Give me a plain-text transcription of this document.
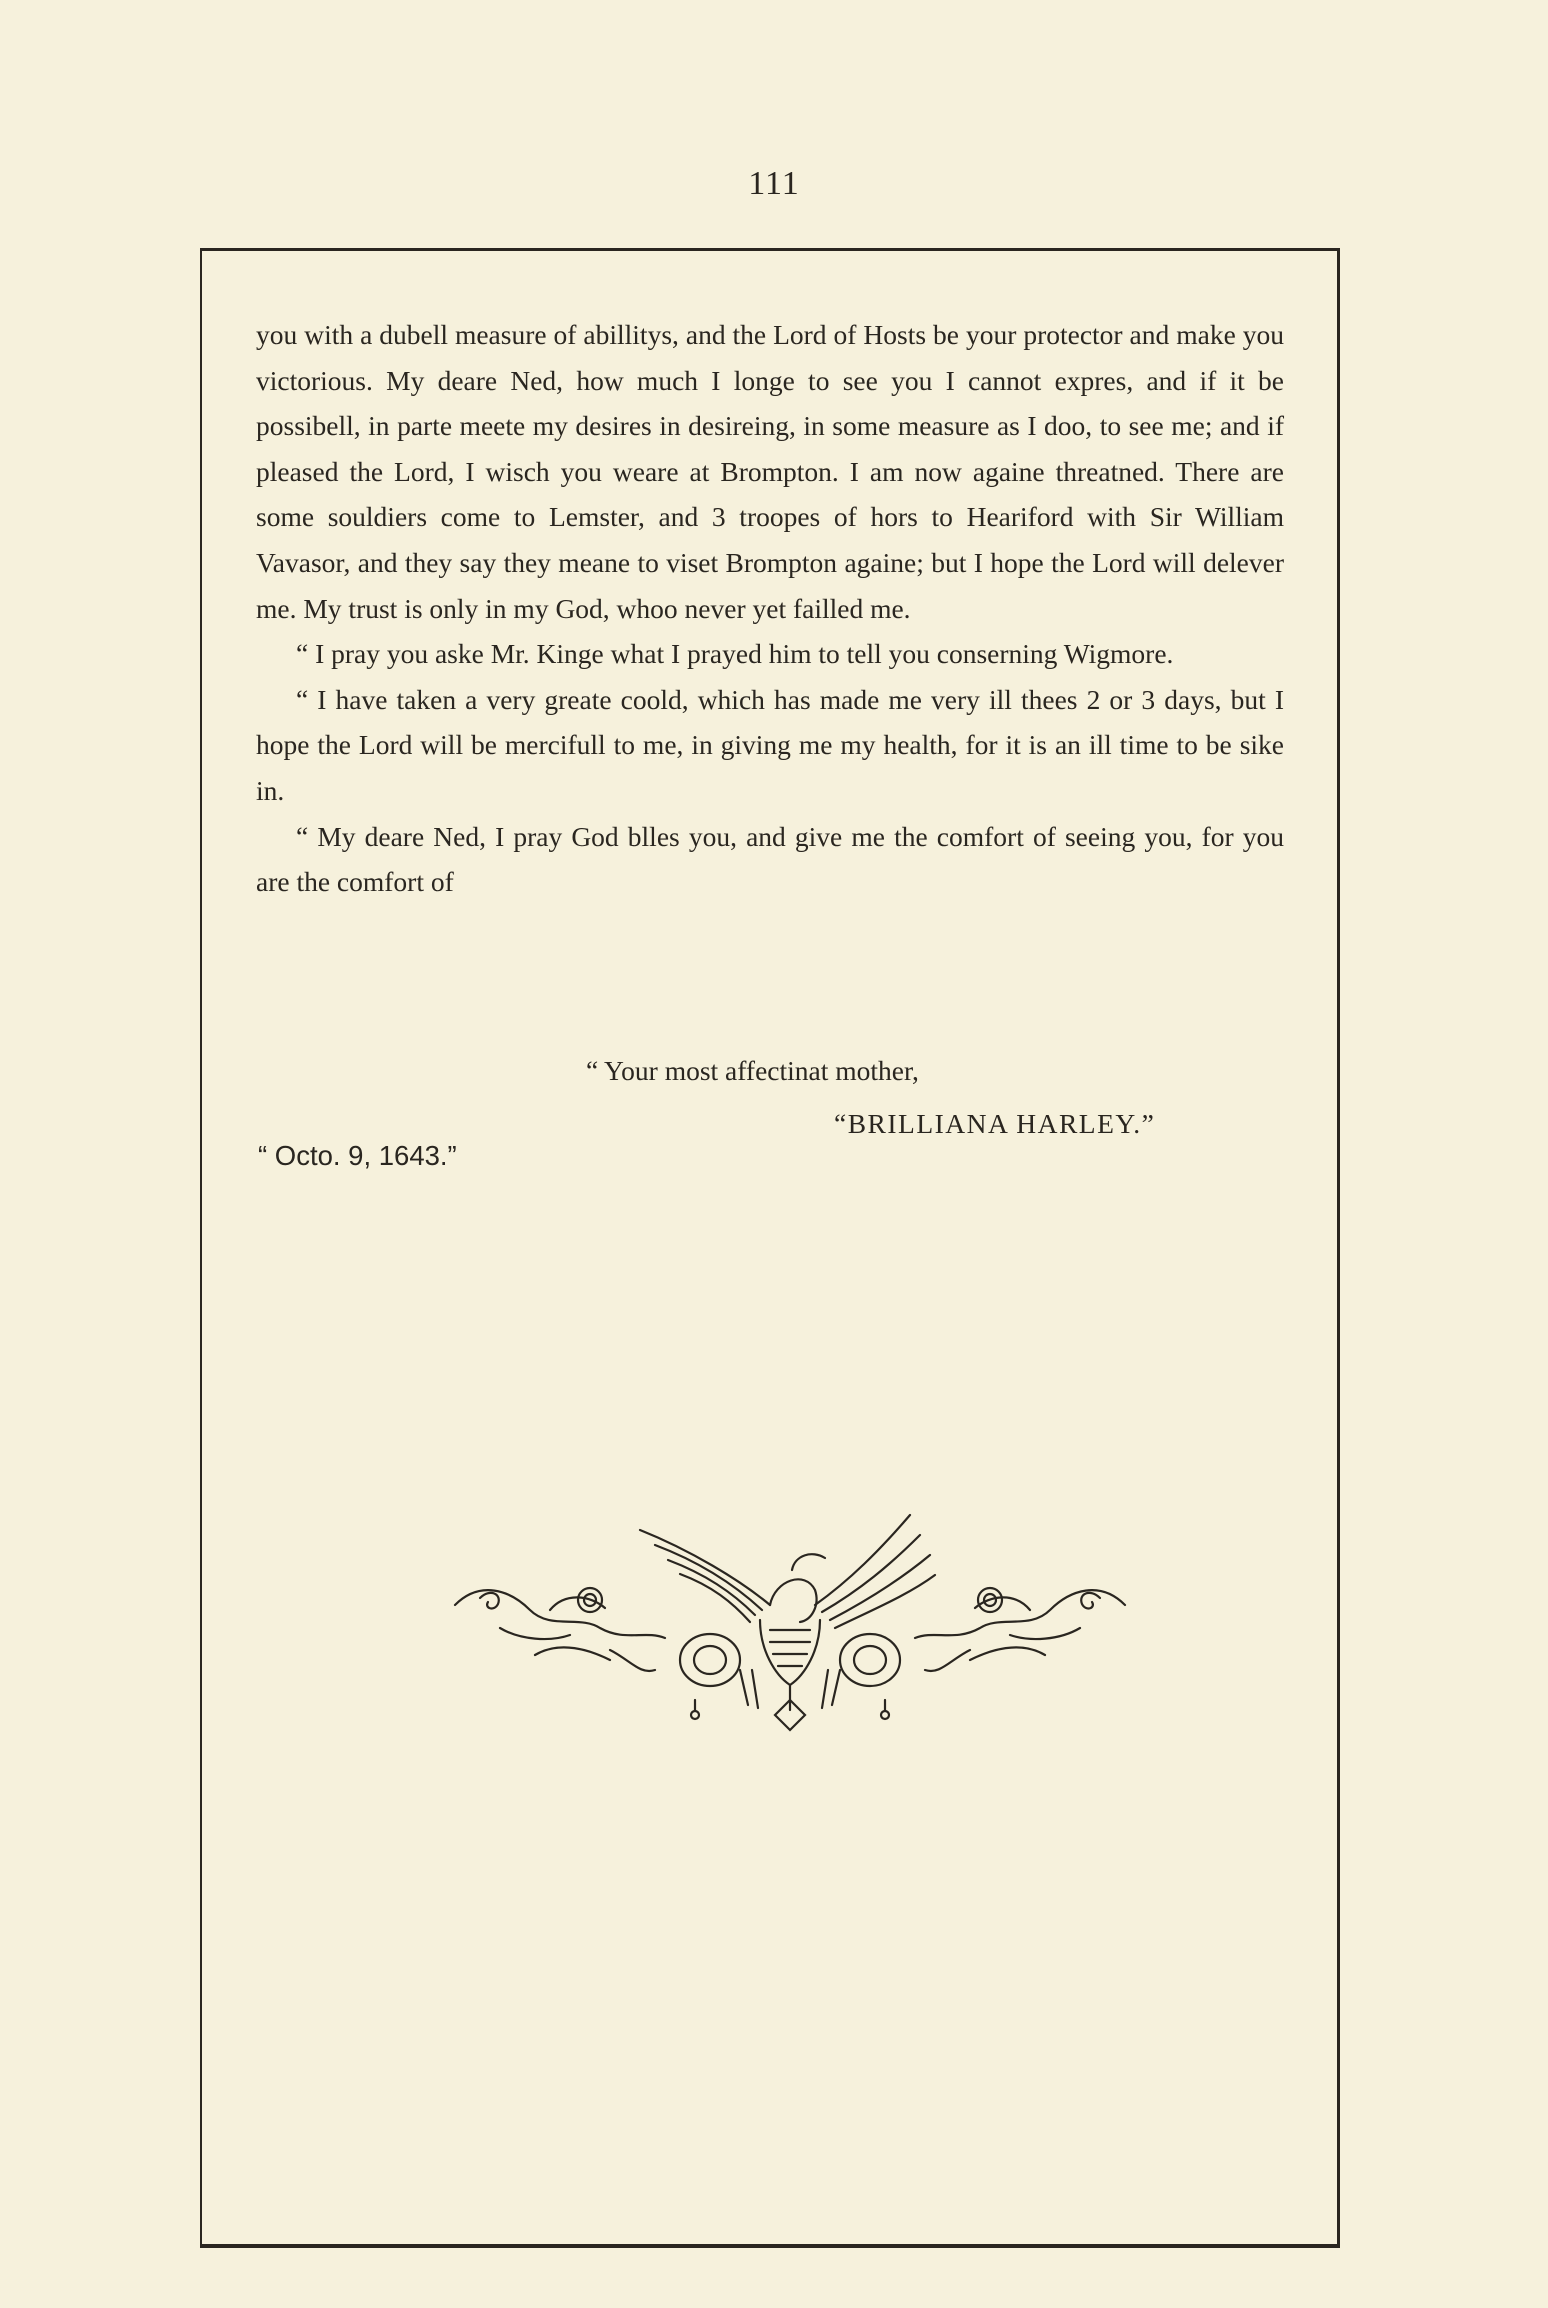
111

you with a dubell measure of abillitys, and the Lord of Hosts be your protector and make you victorious. My deare Ned, how much I longe to see you I cannot expres, and if it be possibell, in parte meete my desires in desireing, in some measure as I doo, to see me; and if pleased the Lord, I wisch you weare at Brompton. I am now againe threatned. There are some souldiers come to Lemster, and 3 troopes of hors to Heariford with Sir William Vavasor, and they say they meane to viset Brompton againe; but I hope the Lord will delever me. My trust is only in my God, whoo never yet failled me.

“ I pray you aske Mr. Kinge what I prayed him to tell you conserning Wigmore.

“ I have taken a very greate coold, which has made me very ill thees 2 or 3 days, but I hope the Lord will be mercifull to me, in giving me my health, for it is an ill time to be sike in.

“ My deare Ned, I pray God blles you, and give me the comfort of seeing you, for you are the comfort of

“ Your most affectinat mother,
“BRILLIANA HARLEY.”
“ Octo. 9, 1643.”
